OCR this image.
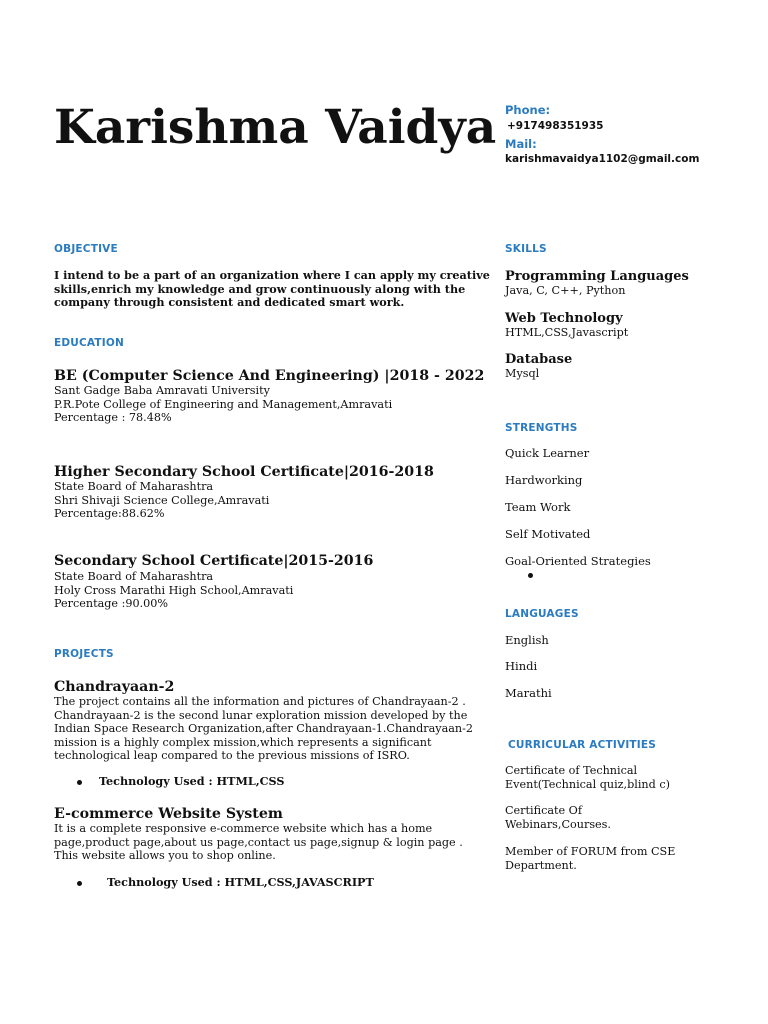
Karishma Vaidya Phone:
+917498351935
Mail:
karishmavaidya1102@gmail.com
OBJECTIVE
I intend to be a part of an organization where I can apply my creative
skills,enrich my knowledge and grow continuously along with the
company through consistent and dedicated smart work.
EDUCATION
BE (Computer Science And Engineering) |2018 - 2022
Sant Gadge Baba Amravati University
P.R.Pote College of Engineering and Management,Amravati
Percentage : 78.48%
Higher Secondary School Certificate|2016-2018
State Board of Maharashtra
Shri Shivaji Science College,Amravati
Percentage:88.62%
Secondary School Certificate|2015-2016
State Board of Maharashtra
Holy Cross Marathi High School,Amravati
Percentage :90.00%
PROJECTS
Chandrayaan-2
The project contains all the information and pictures of Chandrayaan-2 .
Chandrayaan-2 is the second lunar exploration mission developed by the
Indian Space Research Organization,after Chandrayaan-1.Chandrayaan-2
mission is a highly complex mission,which represents a significant
technological leap compared to the previous missions of ISRO.
Technology Used : HTML,CSS
E-commerce Website System
It is a complete responsive e-commerce website which has a home
page,product page,about us page,contact us page,signup & login page .
This website allows you to shop online.
Technology Used : HTML,CSS,JAVASCRIPT
SKILLS
Programming Languages
Java, C, C++, Python
Web Technology
HTML,CSS,Javascript
Database
Mysql
STRENGTHS
Quick Learner
Hardworking
Team Work
Self Motivated
Goal-Oriented Strategies
LANGUAGES
English
Hindi
Marathi
CURRICULAR ACTIVITIES
Certificate of Technical
Event(Technical quiz,blind c)
Certificate Of
Webinars,Courses.
Member of FORUM from CSE
Department.
